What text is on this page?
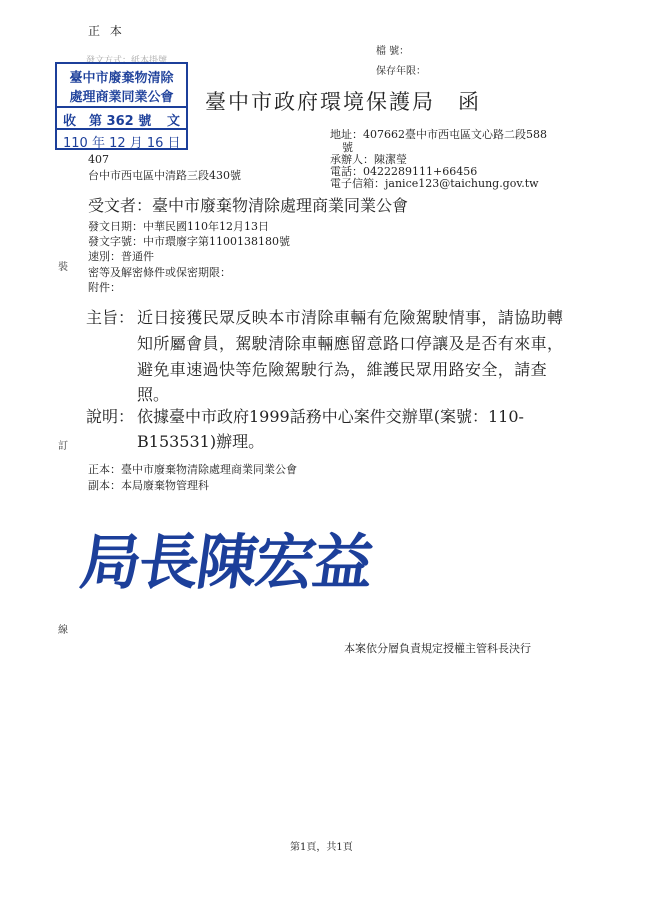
正 本
檔 號：
保存年限：
發文方式：紙本掛號
臺中市廢棄物清除
處理商業同業公會
收 第 362 號 文
110 年 12 月 16 日
臺中市政府環境保護局　函
地址：407662臺中市西屯區文心路二段588
號
承辦人：陳潔瑩
電話：0422289111+66456
電子信箱：janice123@taichung.gov.tw
407
台中市西屯區中清路三段430號
受文者：臺中市廢棄物清除處理商業同業公會
發文日期：中華民國110年12月13日
發文字號：中市環廢字第1100138180號
速別：普通件
密等及解密條件或保密期限：
附件：
主旨： 近日接獲民眾反映本市清除車輛有危險駕駛情事，請協助轉
知所屬會員，駕駛清除車輛應留意路口停讓及是否有來車，
避免車速過快等危險駕駛行為，維護民眾用路安全，請查
照。
說明： 依據臺中市政府1999話務中心案件交辦單(案號：110-
B153531)辦理。
正本：臺中市廢棄物清除處理商業同業公會
副本：本局廢棄物管理科
局長陳宏益
本案依分層負責規定授權主管科長決行
裝
訂
線
第1頁，共1頁
